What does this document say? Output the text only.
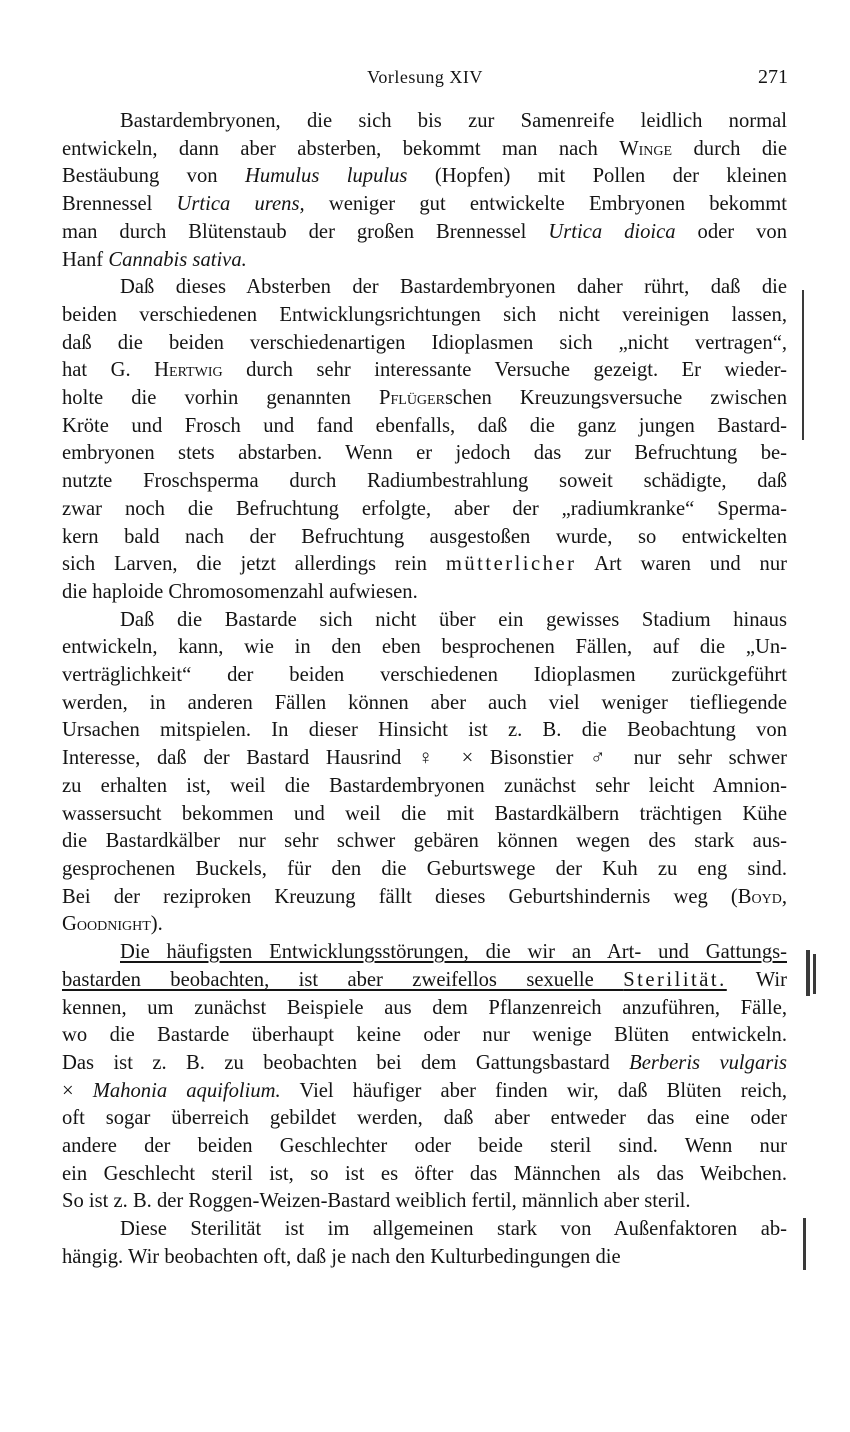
Vorlesung XIV	271

Bastardembryonen, die sich bis zur Samenreife leidlich normal
entwickeln, dann aber absterben, bekommt man nach Winge durch die
Bestäubung von Humulus lupulus (Hopfen) mit Pollen der kleinen
Brennessel Urtica urens, weniger gut entwickelte Embryonen bekommt
man durch Blütenstaub der großen Brennessel Urtica dioica oder von
Hanf Cannabis sativa.

Daß dieses Absterben der Bastardembryonen daher rührt, daß die
beiden verschiedenen Entwicklungsrichtungen sich nicht vereinigen lassen,
daß die beiden verschiedenartigen Idioplasmen sich „nicht vertragen“,
hat G. Hertwig durch sehr interessante Versuche gezeigt. Er wieder-
holte die vorhin genannten Pflügerschen Kreuzungsversuche zwischen
Kröte und Frosch und fand ebenfalls, daß die ganz jungen Bastard-
embryonen stets abstarben. Wenn er jedoch das zur Befruchtung be-
nutzte Froschsperma durch Radiumbestrahlung soweit schädigte, daß
zwar noch die Befruchtung erfolgte, aber der „radiumkranke“ Sperma-
kern bald nach der Befruchtung ausgestoßen wurde, so entwickelten
sich Larven, die jetzt allerdings rein mütterlicher Art waren und nur
die haploide Chromosomenzahl aufwiesen.

Daß die Bastarde sich nicht über ein gewisses Stadium hinaus
entwickeln, kann, wie in den eben besprochenen Fällen, auf die „Un-
verträglichkeit“ der beiden verschiedenen Idioplasmen zurückgeführt
werden, in anderen Fällen können aber auch viel weniger tiefliegende
Ursachen mitspielen. In dieser Hinsicht ist z. B. die Beobachtung von
Interesse, daß der Bastard Hausrind ♀ × Bisonstier ♂ nur sehr schwer
zu erhalten ist, weil die Bastardembryonen zunächst sehr leicht Amnion-
wassersucht bekommen und weil die mit Bastardkälbern trächtigen Kühe
die Bastardkälber nur sehr schwer gebären können wegen des stark aus-
gesprochenen Buckels, für den die Geburtswege der Kuh zu eng sind.
Bei der reziproken Kreuzung fällt dieses Geburtshindernis weg (Boyd,
Goodnight).

Die häufigsten Entwicklungsstörungen, die wir an Art- und Gattungs-
bastarden beobachten, ist aber zweifellos sexuelle Sterilität. Wir
kennen, um zunächst Beispiele aus dem Pflanzenreich anzuführen, Fälle,
wo die Bastarde überhaupt keine oder nur wenige Blüten entwickeln.
Das ist z. B. zu beobachten bei dem Gattungsbastard Berberis vulgaris
× Mahonia aquifolium. Viel häufiger aber finden wir, daß Blüten reich,
oft sogar überreich gebildet werden, daß aber entweder das eine oder
andere der beiden Geschlechter oder beide steril sind. Wenn nur
ein Geschlecht steril ist, so ist es öfter das Männchen als das Weibchen.
So ist z. B. der Roggen-Weizen-Bastard weiblich fertil, männlich aber steril.

Diese Sterilität ist im allgemeinen stark von Außenfaktoren ab-
hängig. Wir beobachten oft, daß je nach den Kulturbedingungen die
